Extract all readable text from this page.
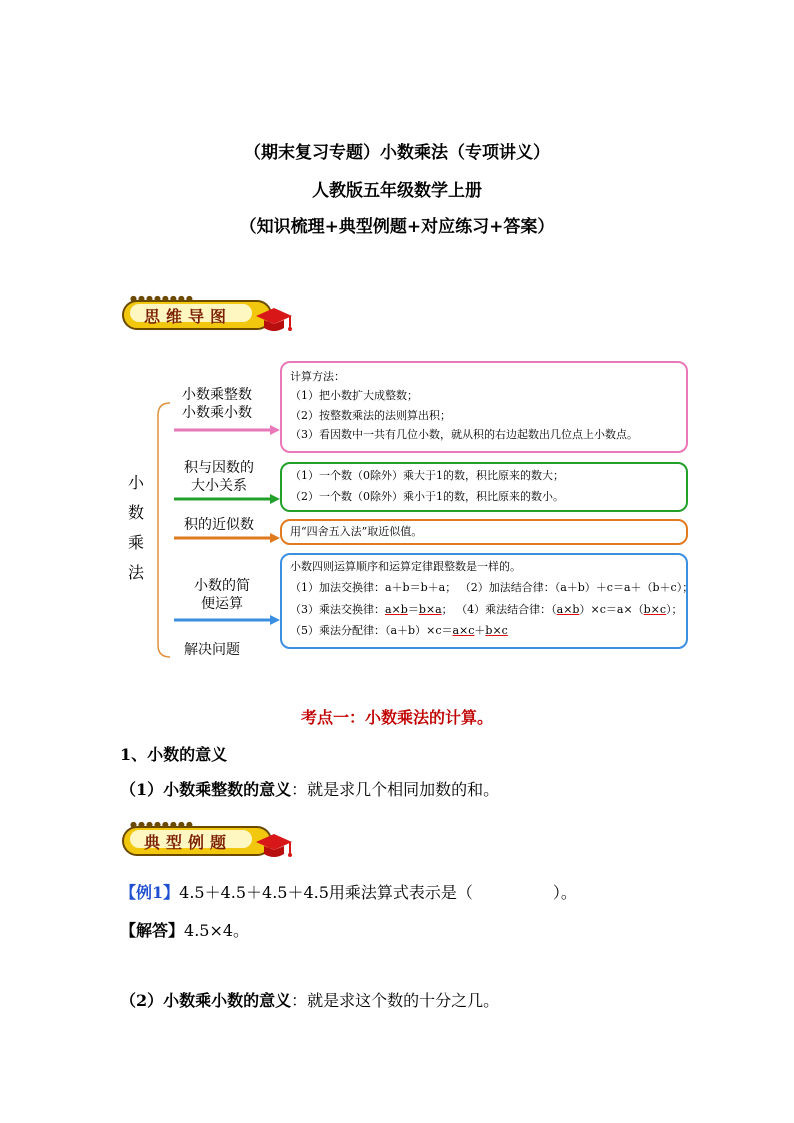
（期末复习专题）小数乘法（专项讲义）
人教版五年级数学上册
（知识梳理+典型例题+对应练习+答案）
●●●●●●●●
思维导图
小
数
乘
法
小数乘整数
小数乘小数
积与因数的
大小关系
积的近似数
小数的简
便运算
解决问题
计算方法：
（1）把小数扩大成整数；
（2）按整数乘法的法则算出积；
（3）看因数中一共有几位小数，就从积的右边起数出几位点上小数点。
（1）一个数（0除外）乘大于1的数，积比原来的数大；
（2）一个数（0除外）乘小于1的数，积比原来的数小。
用“四舍五入法”取近似值。
小数四则运算顺序和运算定律跟整数是一样的。
（1）加法交换律：a＋b＝b＋a； （2）加法结合律：（a＋b）＋c＝a＋（b＋c）；
（3）乘法交换律：a×b＝b×a； （4）乘法结合律：（a×b）×c＝a×（b×c）；
（5）乘法分配律：（a＋b）×c＝a×c＋b×c
考点一：小数乘法的计算。
1、小数的意义
（1）小数乘整数的意义：就是求几个相同加数的和。
●●●●●●●●
典型例题
【例1】4.5＋4.5＋4.5＋4.5用乘法算式表示是（　　　　　）。
【解答】4.5×4。
（2）小数乘小数的意义：就是求这个数的十分之几。
